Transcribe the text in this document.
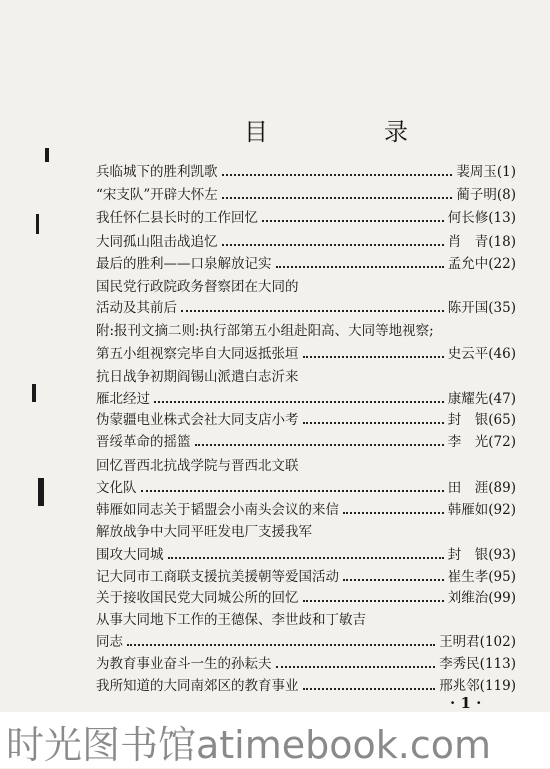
目　录
兵临城下的胜利凯歌	裴周玉(1)
“宋支队”开辟大怀左	蔺子明(8)
我任怀仁县长时的工作回忆	何长修(13)
大同孤山阻击战追忆	肖　青(18)
最后的胜利——口泉解放记实	孟允中(22)
国民党行政院政务督察团在大同的
活动及其前后	陈开国(35)
附:报刊文摘二则:执行部第五小组赴阳高、大同等地视察;
第五小组视察完毕自大同返抵张垣	史云平(46)
抗日战争初期阎锡山派遣白志沂来
雁北经过	康耀先(47)
伪蒙疆电业株式会社大同支店小考	封　银(65)
晋绥革命的摇篮	李　光(72)
回忆晋西北抗战学院与晋西北文联
文化队	田　涯(89)
韩雁如同志关于韬盟会小南头会议的来信	韩雁如(92)
解放战争中大同平旺发电厂支援我军
围攻大同城	封　银(93)
记大同市工商联支援抗美援朝等爱国活动	崔生孝(95)
关于接收国民党大同城公所的回忆	刘维治(99)
从事大同地下工作的王德保、李世歧和丁敏吉
同志	王明君(102)
为教育事业奋斗一生的孙耘夫	李秀民(113)
我所知道的大同南郊区的教育事业	邢兆邻(119)
· 1 ·
时光图书馆atimebook.com
